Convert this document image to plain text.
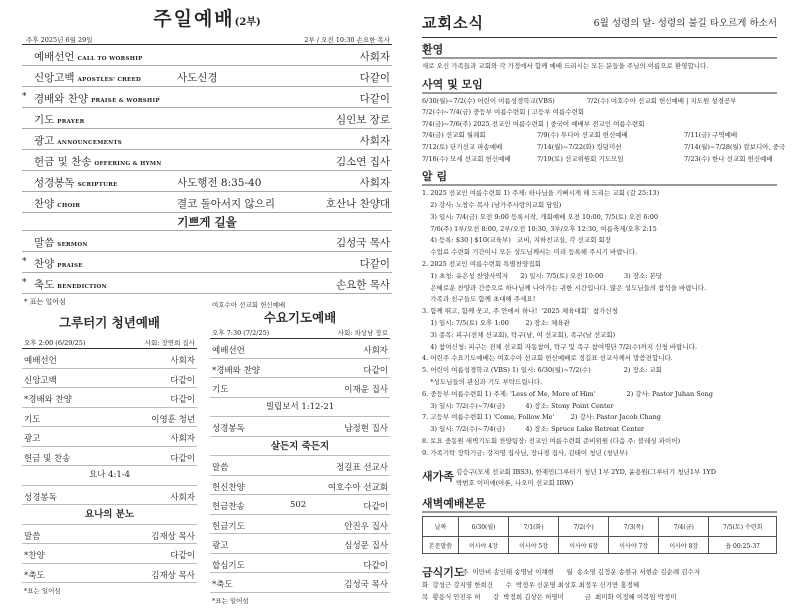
주일예배(2부)
주후 2025년 6월 29일	2부 / 오전 10:30 손요한 목사
예배선언 CALL TO WORSHIP	사회자
신앙고백 APOSTLES' CREED	사도신경	다같이
* 경배와 찬양 PRAISE & WORSHIP	다같이
기도 PRAYER	심인보 장로
광고 ANNOUNCEMENTS	사회자
헌금 및 찬송 OFFERING & HYMN	김소연 집사
성경봉독 SCRIPTURE	사도행전 8:35-40	사회자
찬양 CHOIR	결코 돌아서지 않으리	호산나 찬양대
기쁘게 길을
말씀 SERMON	김성국 목사
* 찬양 PRAISE	다같이
* 축도 BENEDICTION	손요한 목사
* 표는 일어섬
그루터기 청년예배
오후 2:00 (6/29/25)	사회: 장연희 집사
예배선언	사회자
신앙고백	다같이
*경배와 찬양	다같이
기도	이영훈 청년
광고	사회자
헌금 및 찬송	다같이
요나 4:1-4
성경봉독	사회자
요나의 분노
말씀	김재상 목사
*찬양	다같이
*축도	김재상 목사
*표는 일어섬
여호수아 선교회 헌신예배
수요기도예배
오후 7:30 (7/2/25)	사회: 차상남 장로
예배선언	사회자
*경배와 찬양	다같이
기도	이재윤 집사
빌립보서 1:12-21
성경봉독	남정현 집사
살든지 죽든지
말씀	정길표 선교사
헌신찬양	여호수아 선교회
헌금찬송	502	다같이
헌금기도	안진우 집사
광고	심성문 집사
합심기도	다같이
*축도	김성국 목사
*표는 일어섬
교회소식	6월 성령의 달- 성령의 불길 타오르게 하소서
환영
새로 오신 가족들과 교회와 각 가정에서 함께 예배 드리시는 모든 분들을 주님의 이름으로 환영합니다.
사역 및 모임
6/30(월)~7/2(수) 어린이 여름성경학교(VBS)	7/2(수) 여호수아 선교회 헌신예배 | 지도원 성경공부
7/2(수)~7/4(금) 중등부 여름수련회 | 고등부 여름수련회
7/4(금)~7/6(주) 2025 전교인 여름수련회 | 중국어 예배부 전교인 여름수련회
7/4(금) 선교회 월례회	7/9(수) 투디아 선교회 헌신예배	7/11(금) 구역예배
7/12(토) 단기선교 파송예배	7/14(월)~7/22(화) 킹덤미션	7/14(월)~7/28(월) 캄보디아, 중국
7/16(수) 모세 선교회 헌신예배	7/19(토) 선교위원회 기도모임	7/23(수) 한나 선교회 헌신예배
알 림
1. 2025 전교인 여름수련회 1) 주제: 하나님을 기뻐시게 해 드리는 교회 (갈 25:13)
2) 강사: 노창수 목사 (남가주사랑의교회 담임)
3) 일시: 7/4(금) 오전 9:00 등록시작, 개회예배 오전 10:00, 7/5(토) 오전 6:00
7/6(주) 1부/오전 8:00, 2부/오전 10:30, 3부/오후 12:30, 여름축제/오후 2:15
4) 등록: $30 | $10(교육부)   코비, 지하친교실, 각 선교회 회장
수업료 수련회 기간이니 모든 성도님께서는 미리 등록해 주시기 바랍니다.
2. 2025 전교인 여름수련회 특별찬양집회
1) 초청: 유은성 찬양사역자      2) 일시: 7/5(토) 오전 10:00          3) 장소: 본당
은혜로운 찬양과 간증으로 하나님께 나아가는 귀한 시간입니다. 많은 성도님들의 참석을 바랍니다.
가족과 친구들도 함께 초대해 주세요!
3. 함께 뛰고, 함께 웃고, 주 안에서 하나!  '2025 체육대회'  참가신청
1) 일시: 7/5(토) 오후 1:00        2) 장소: 체육관
3) 종목: 피구(전체 선교회), 탁구(남, 여 선교회), 족구(남 선교회)
4) 참여신청: 피구는 전체 선교회 자동참여, 탁구 및 족구 참여명단 7/2(수)까지 신청 바랍니다.
4. 어린주 수요기도예배는 여호수아 선교회 헌신예배로 정길표 선교사께서 말씀전합니다.
5. 어린이 여름성경학교 (VBS) 1) 일시: 6/30(월)~7/2(수)                2) 장소: 교회
*성도님들의 관심과 기도 부탁드립니다.
6. 중등부 여름수련회 1) 주제: 'Less of Me, More of Him'               2) 강사: Pastor Juhan Song
3) 일시: 7/2(수)~7/4(금)          4) 장소: Stony Point Center
7. 고등부 여름수련회 1) 'Come, Follow Me'        2) 강사: Pastor Jacob Chang
3) 일시: 7/2(수)~7/4(금)          4) 장소: Spruce Lake Retreat Center
8. 토요 중동원 새벽기도회 찬양팀장: 전교인 여름수련회 준비위원 (다음 주: 블레싱 파이어)
9. 가족기탁 장학기금: 강지영 집사님, 장나경 집사, 김태이 청년 (청년부)
새가족 김승구(모세 선교회 IBS3), 한재민(그루터기 청년 1부 2YD, 윤용원(그루터기 청년1부 1YD
박범호 이미애(아론, 나오미 선교회 IRW)
새벽예배본문
날짜	6/30(월)	7/1(화)	7/2(수)	7/3(목)	7/4(금)	7/5(토) 수련회
본문말씀	이사야 4장	이사야 5장	이사야 6장	이사야 7장	이사야 8장	욥 00:25-37
금식기도
주  이만비 송인태 송명남 이채현      월  송소영 김정운 송현규 서현순 김순례 김수자
화  강성근 강지영 한희건      수  박정우 신운영 최상호 최정우 신기만 홍정혜
목  황용식 안진우 허      강  박정희 김상은 허영미          금  최미화 이정혜 이복임 박정미
